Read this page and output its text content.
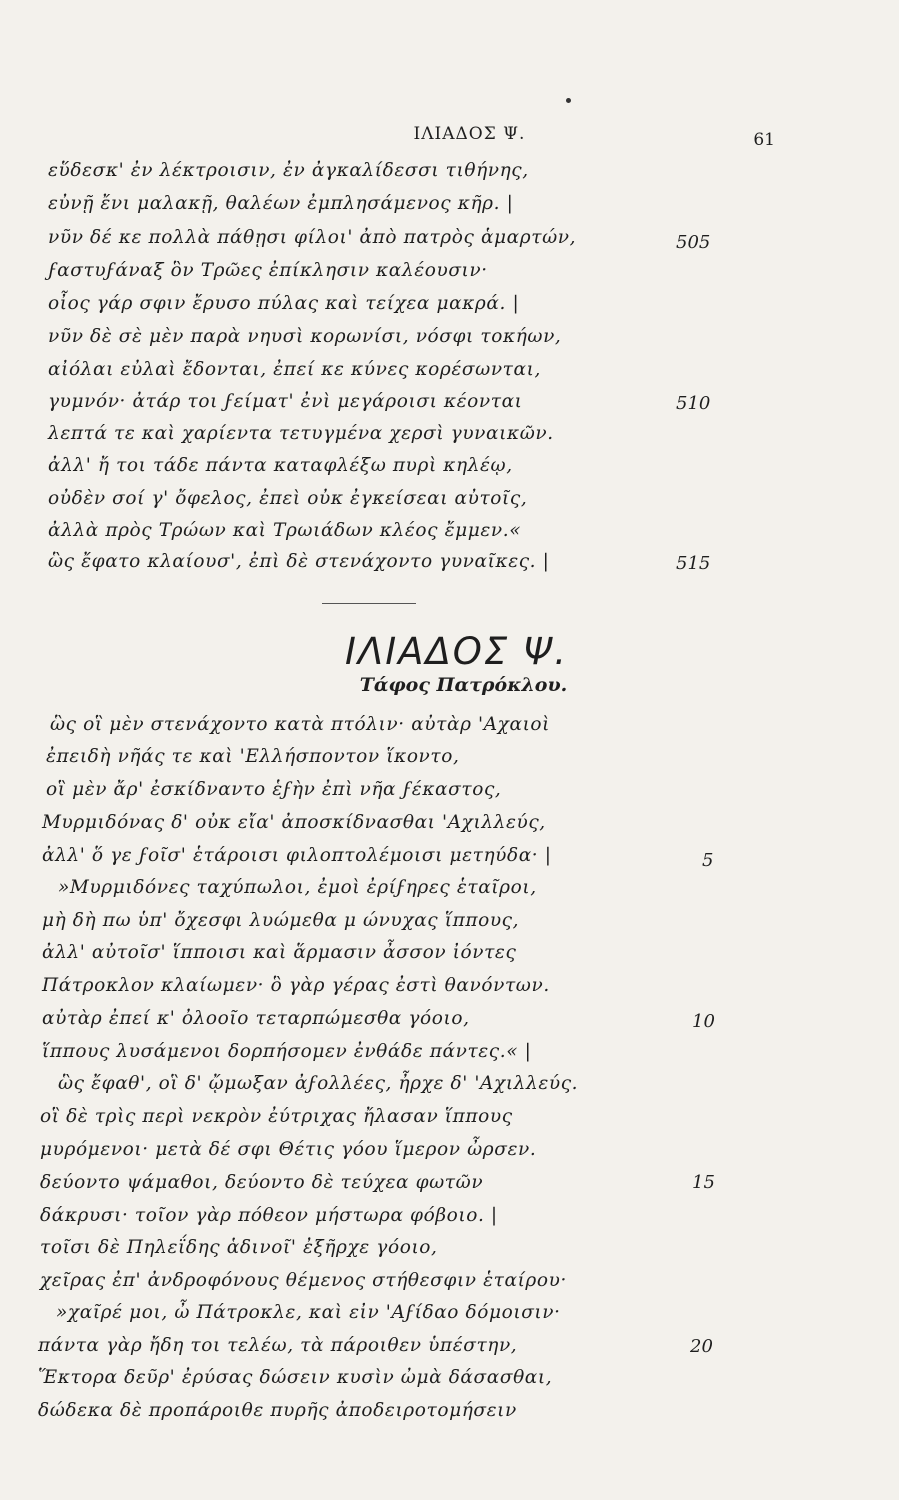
ΙΛΙΑΔΟΣ Ψ.	61
εὕδεσκ' ἐν λέκτροισιν, ἐν ἀγκαλίδεσσι τιθήνης,
εὐνῇ ἔνι μαλακῇ, θαλέων ἐμπλησάμενος κῆρ. |
νῦν δέ κε πολλὰ πάθῃσι φίλοι' ἀπὸ πατρὸς ἁμαρτών,
ϝαστυϝάναξ ὃν Τρῶες ἐπίκλησιν καλέουσιν·
οἶος γάρ σφιν ἔρυσο πύλας καὶ τείχεα μακρά. |
νῦν δὲ σὲ μὲν παρὰ νηυσὶ κορωνίσι, νόσφι τοκήων,
αἰόλαι εὐλαὶ ἔδονται, ἐπεί κε κύνες κορέσωνται,
γυμνόν· ἀτάρ τοι ϝείματ' ἐνὶ μεγάροισι κέονται
λεπτά τε καὶ χαρίεντα τετυγμένα χερσὶ γυναικῶν.
ἀλλ' ἤ τοι τάδε πάντα καταφλέξω πυρὶ κηλέῳ,
οὐδὲν σοί γ' ὄφελος, ἐπεὶ οὐκ ἐγκείσεαι αὐτοῖς,
ἀλλὰ πρὸς Τρώων καὶ Τρωιάδων κλέος ἔμμεν.«
ὣς ἔφατο κλαίουσ', ἐπὶ δὲ στενάχοντο γυναῖκες. |
505
510
515
ΙΛΙΑΔΟΣ Ψ.
Τάφος Πατρόκλου.
ὣς οἳ μὲν στενάχοντο κατὰ πτόλιν· αὐτὰρ 'Αχαιοὶ
ἐπειδὴ νῆάς τε καὶ 'Ελλήσποντον ἵκοντο,
οἳ μὲν ἄρ' ἐσκίδναντο ἑϝὴν ἐπὶ νῆα ϝέκαστος,
Μυρμιδόνας δ' οὐκ εἴα' ἀποσκίδνασθαι 'Αχιλλεύς,
ἀλλ' ὅ γε ϝοῖσ' ἑτάροισι φιλοπτολέμοισι μετηύδα· |
»Μυρμιδόνες ταχύπωλοι, ἐμοὶ ἐρίϝηρες ἑταῖροι,
μὴ δὴ πω ὑπ' ὄχεσφι λυώμεθα μ ώνυχας ἵππους,
ἀλλ' αὐτοῖσ' ἵπποισι καὶ ἅρμασιν ἆσσον ἰόντες
Πάτροκλον κλαίωμεν· ὃ γὰρ γέρας ἐστὶ θανόντων.
αὐτὰρ ἐπεί κ' ὀλοοῖο τεταρπώμεσθα γόοιο,
ἵππους λυσάμενοι δορπήσομεν ἐνθάδε πάντες.« |
ὣς ἔφαθ', οἳ δ' ᾤμωξαν ἀϝολλέες, ἦρχε δ' 'Αχιλλεύς.
οἳ δὲ τρὶς περὶ νεκρὸν ἐύτριχας ἤλασαν ἵππους
μυρόμενοι· μετὰ δέ σφι Θέτις γόου ἵμερον ὦρσεν.
δεύοντο ψάμαθοι, δεύοντο δὲ τεύχεα φωτῶν
δάκρυσι· τοῖον γὰρ πόθεον μήστωρα φόβοιο. |
τοῖσι δὲ Πηλεΐδης ἁδινοῖ' ἐξῆρχε γόοιο,
χεῖρας ἐπ' ἀνδροφόνους θέμενος στήθεσφιν ἑταίρου·
»χαῖρέ μοι, ὦ Πάτροκλε, καὶ εἰν 'Αϝίδαο δόμοισιν·
πάντα γὰρ ἤδη τοι τελέω, τὰ πάροιθεν ὑπέστην,
Ἕκτορα δεῦρ' ἐρύσας δώσειν κυσὶν ὠμὰ δάσασθαι,
δώδεκα δὲ προπάροιθε πυρῆς ἀποδειροτομήσειν
5
10
15
20
